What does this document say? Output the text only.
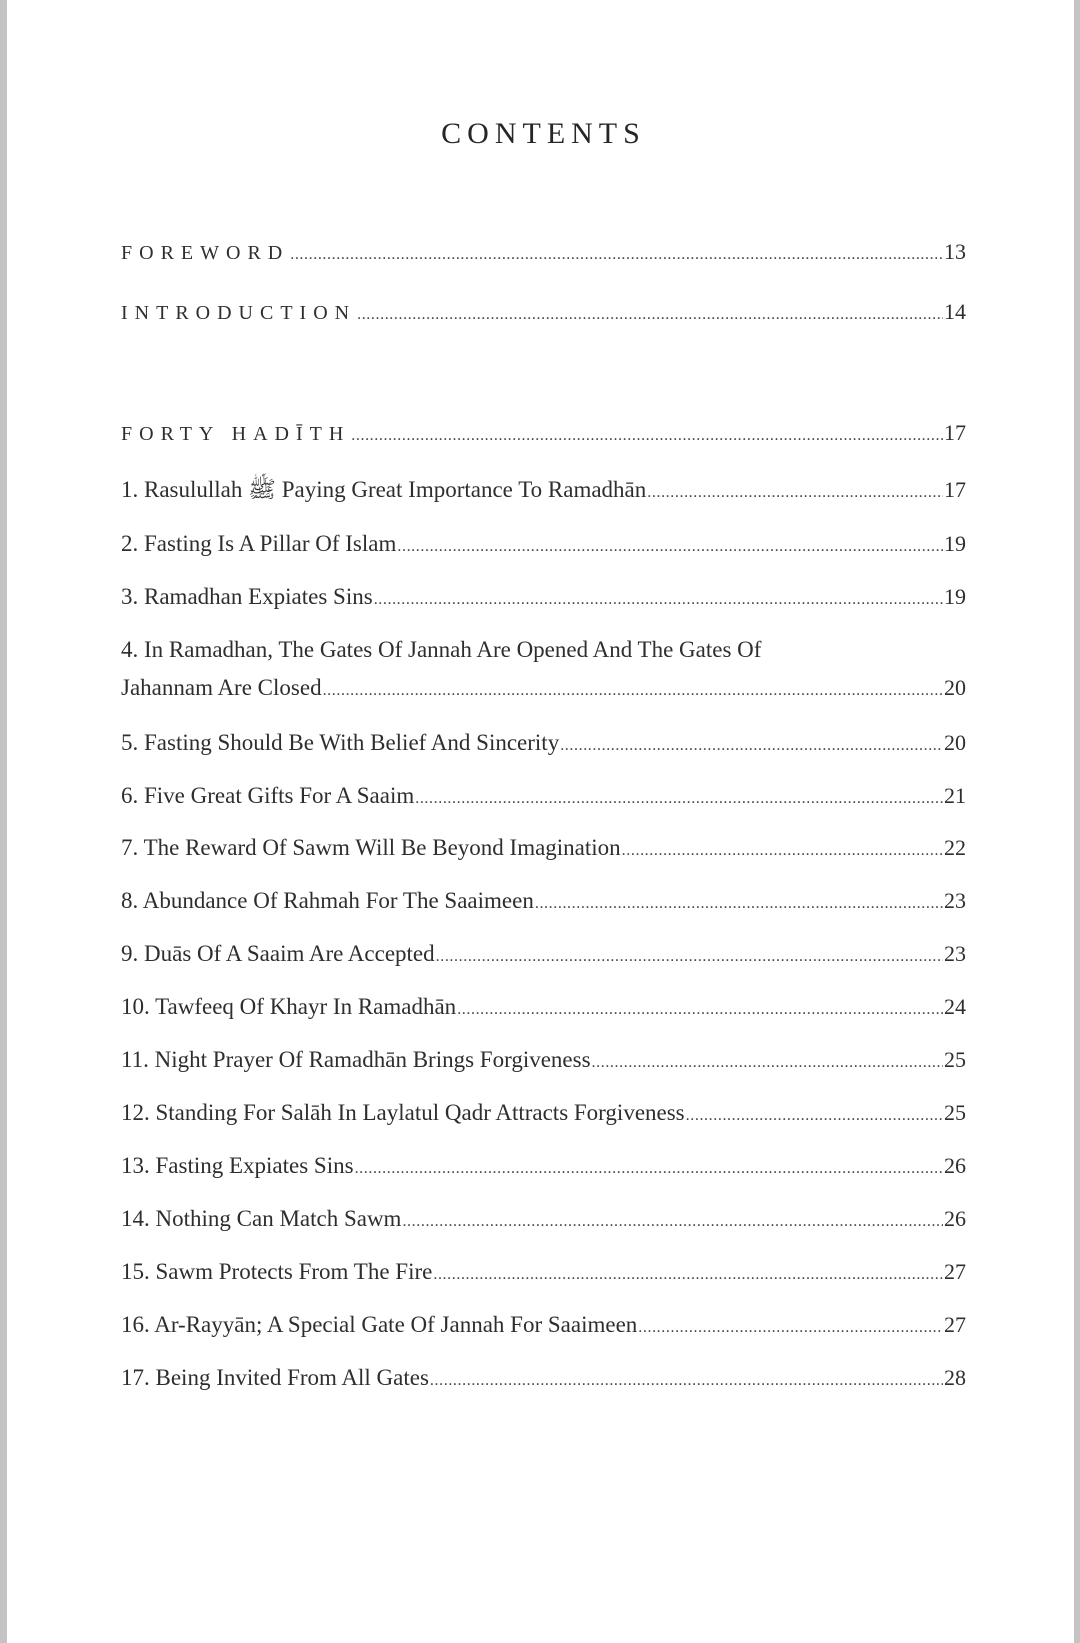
CONTENTS
FOREWORD .....	13
INTRODUCTION .....	14
FORTY HADĪTH .....	17
1. Rasulullah ﷺ Paying Great Importance To Ramadhān .....	17
2. Fasting Is A Pillar Of Islam .....	19
3. Ramadhan Expiates Sins .....	19
4. In Ramadhan, The Gates Of Jannah Are Opened And The Gates Of
Jahannam Are Closed .....	20
5. Fasting Should Be With Belief And Sincerity .....	20
6. Five Great Gifts For A Saaim .....	21
7. The Reward Of Sawm Will Be Beyond Imagination .....	22
8. Abundance Of Rahmah For The Saaimeen .....	23
9. Duās Of A Saaim Are Accepted .....	23
10. Tawfeeq Of Khayr In Ramadhān .....	24
11. Night Prayer Of Ramadhān Brings Forgiveness .....	25
12. Standing For Salāh In Laylatul Qadr Attracts Forgiveness .....	25
13. Fasting Expiates Sins .....	26
14. Nothing Can Match Sawm .....	26
15. Sawm Protects From The Fire .....	27
16. Ar-Rayyān; A Special Gate Of Jannah For Saaimeen .....	27
17. Being Invited From All Gates .....	28
